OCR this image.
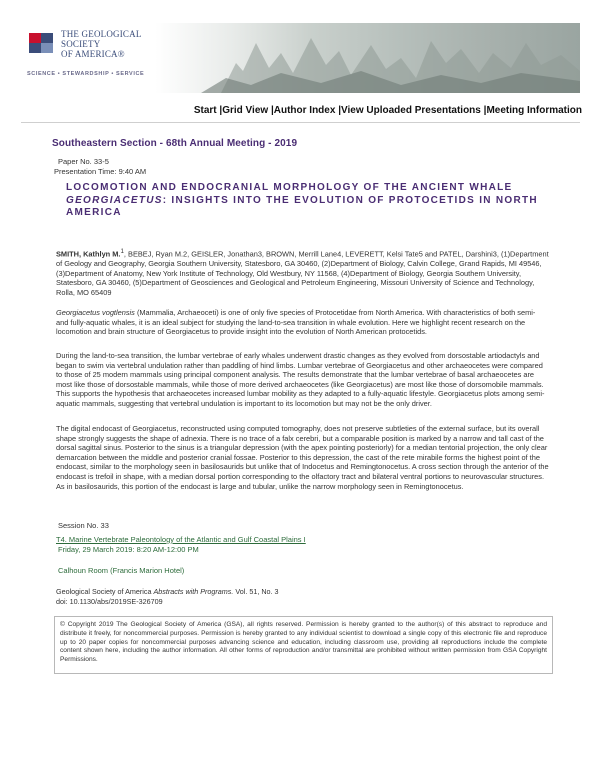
THE GEOLOGICAL SOCIETY
OF AMERICA®
SCIENCE • STEWARDSHIP • SERVICE
Start |Grid View |Author Index |View Uploaded Presentations |Meeting Information
Southeastern Section - 68th Annual Meeting - 2019
Paper No. 33-5
Presentation Time: 9:40 AM
LOCOMOTION AND ENDOCRANIAL MORPHOLOGY OF THE ANCIENT WHALE
GEORGIACETUS: INSIGHTS INTO THE EVOLUTION OF PROTOCETIDS IN NORTH AMERICA
SMITH, Kathlyn M.$^1$, BEBEJ, Ryan M.2, GEISLER, Jonathan3, BROWN, Merrill Lane4, LEVERETT, Kelsi Tate5 and PATEL, Darshini3, (1)Department of Geology and Geography, Georgia Southern University, Statesboro, GA 30460, (2)Department of Biology, Calvin College, Grand Rapids, MI 49546, (3)Department of Anatomy, New York Institute of Technology, Old Westbury, NY 11568, (4)Department of Biology, Georgia Southern University, Statesboro, GA 30460, (5)Department of Geosciences and Geological and Petroleum Engineering, Missouri University of Science and Technology, Rolla, MO 65409
Georgiacetus vogtlensis (Mammalia, Archaeoceti) is one of only five species of Protocetidae from North America. With characteristics of both semi- and fully-aquatic whales, it is an ideal subject for studying the land-to-sea transition in whale evolution. Here we highlight recent research on the locomotion and brain structure of Georgiacetus to provide insight into the evolution of North American protocetids.
During the land-to-sea transition, the lumbar vertebrae of early whales underwent drastic changes as they evolved from dorsostable artiodactyls and began to swim via vertebral undulation rather than paddling of hind limbs. Lumbar vertebrae of Georgiacetus and other archaeocetes were compared to those of 25 modern mammals using principal component analysis. The results demonstrate that the lumbar vertebrae of basal archaeocetes are most like those of dorsostable mammals, while those of more derived archaeocetes (like Georgiacetus) are most like those of dorsomobile mammals. This supports the hypothesis that archaeocetes increased lumbar mobility as they adapted to a fully-aquatic lifestyle. Georgiacetus plots among semi-aquatic mammals, suggesting that vertebral undulation is important to its locomotion but may not be the only driver.
The digital endocast of Georgiacetus, reconstructed using computed tomography, does not preserve subtleties of the external surface, but its overall shape strongly suggests the shape of adnexia. There is no trace of a falx cerebri, but a comparable position is marked by a narrow and tall cast of the dorsal sagittal sinus. Posterior to the sinus is a triangular depression (with the apex pointing posteriorly) for a median tentorial projection, the only clear demarcation between the middle and posterior cranial fossae. Posterior to this depression, the cast of the rete mirabile forms the highest point of the endocast, similar to the morphology seen in basilosaurids but unlike that of Indocetus and Remingtonocetus. A cross section through the anterior of the endocast is trefoil in shape, with a median dorsal portion corresponding to the olfactory tract and bilateral ventral portions to neurovascular structures. As in basilosaurids, this portion of the endocast is large and tubular, unlike the narrow morphology seen in Remingtonocetus.
Session No. 33
T4. Marine Vertebrate Paleontology of the Atlantic and Gulf Coastal Plains I
Friday, 29 March 2019: 8:20 AM-12:00 PM
Calhoun Room (Francis Marion Hotel)
Geological Society of America Abstracts with Programs. Vol. 51, No. 3
doi: 10.1130/abs/2019SE-326709
© Copyright 2019 The Geological Society of America (GSA), all rights reserved. Permission is hereby granted to the author(s) of this abstract to reproduce and distribute it freely, for noncommercial purposes. Permission is hereby granted to any individual scientist to download a single copy of this electronic file and reproduce up to 20 paper copies for noncommercial purposes advancing science and education, including classroom use, providing all reproductions include the complete content shown here, including the author information. All other forms of reproduction and/or transmittal are prohibited without written permission from GSA Copyright Permissions.
